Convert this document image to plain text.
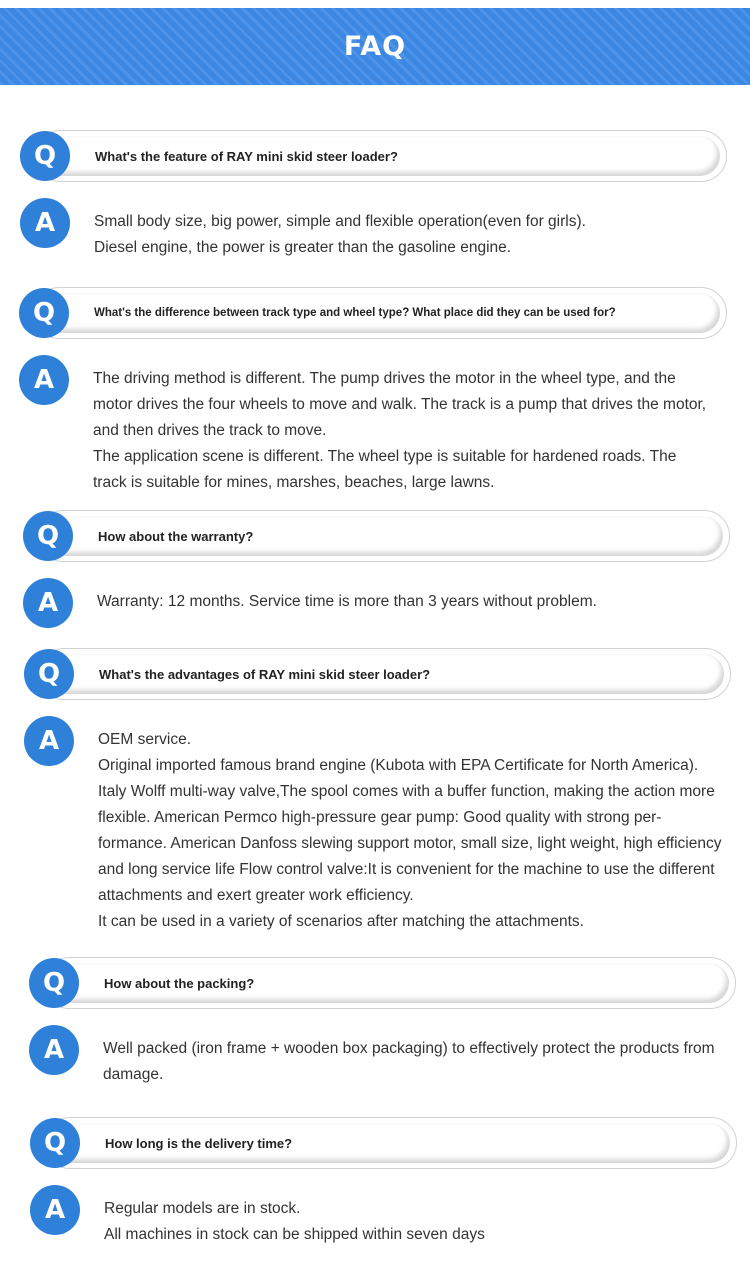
FAQ
Q	What's the feature of RAY mini skid steer loader?
A	Small body size, big power, simple and flexible operation(even for girls).

Diesel engine, the power is greater than the gasoline engine.

Q	What's the difference between track type and wheel type? What place did they can be used for?
A	The driving method is different. The pump drives the motor in the wheel type, and the motor drives the four wheels to move and walk. The track is a pump that drives the motor, and then drives the track to move.

The application scene is different. The wheel type is suitable for hardened roads. The track is suitable for mines, marshes, beaches, large lawns.

Q	How about the warranty?
A	Warranty: 12 months. Service time is more than 3 years without problem.

Q	What's the advantages of RAY mini skid steer loader?
A	OEM service.

Original imported famous brand engine (Kubota with EPA Certificate for North America). Italy Wolff multi-way valve,The spool comes with a buffer function, making the action more flexible. American Permco high-pressure gear pump: Good quality with strong performance. American Danfoss slewing support motor, small size, light weight, high efficiency and long service life Flow control valve:It is convenient for the machine to use the different attachments and exert greater work efficiency.

It can be used in a variety of scenarios after matching the attachments.

Q	How about the packing?
A	Well packed (iron frame + wooden box packaging) to effectively protect the products from damage.

Q	How long is the delivery time?
A	Regular models are in stock.

All machines in stock can be shipped within seven days
